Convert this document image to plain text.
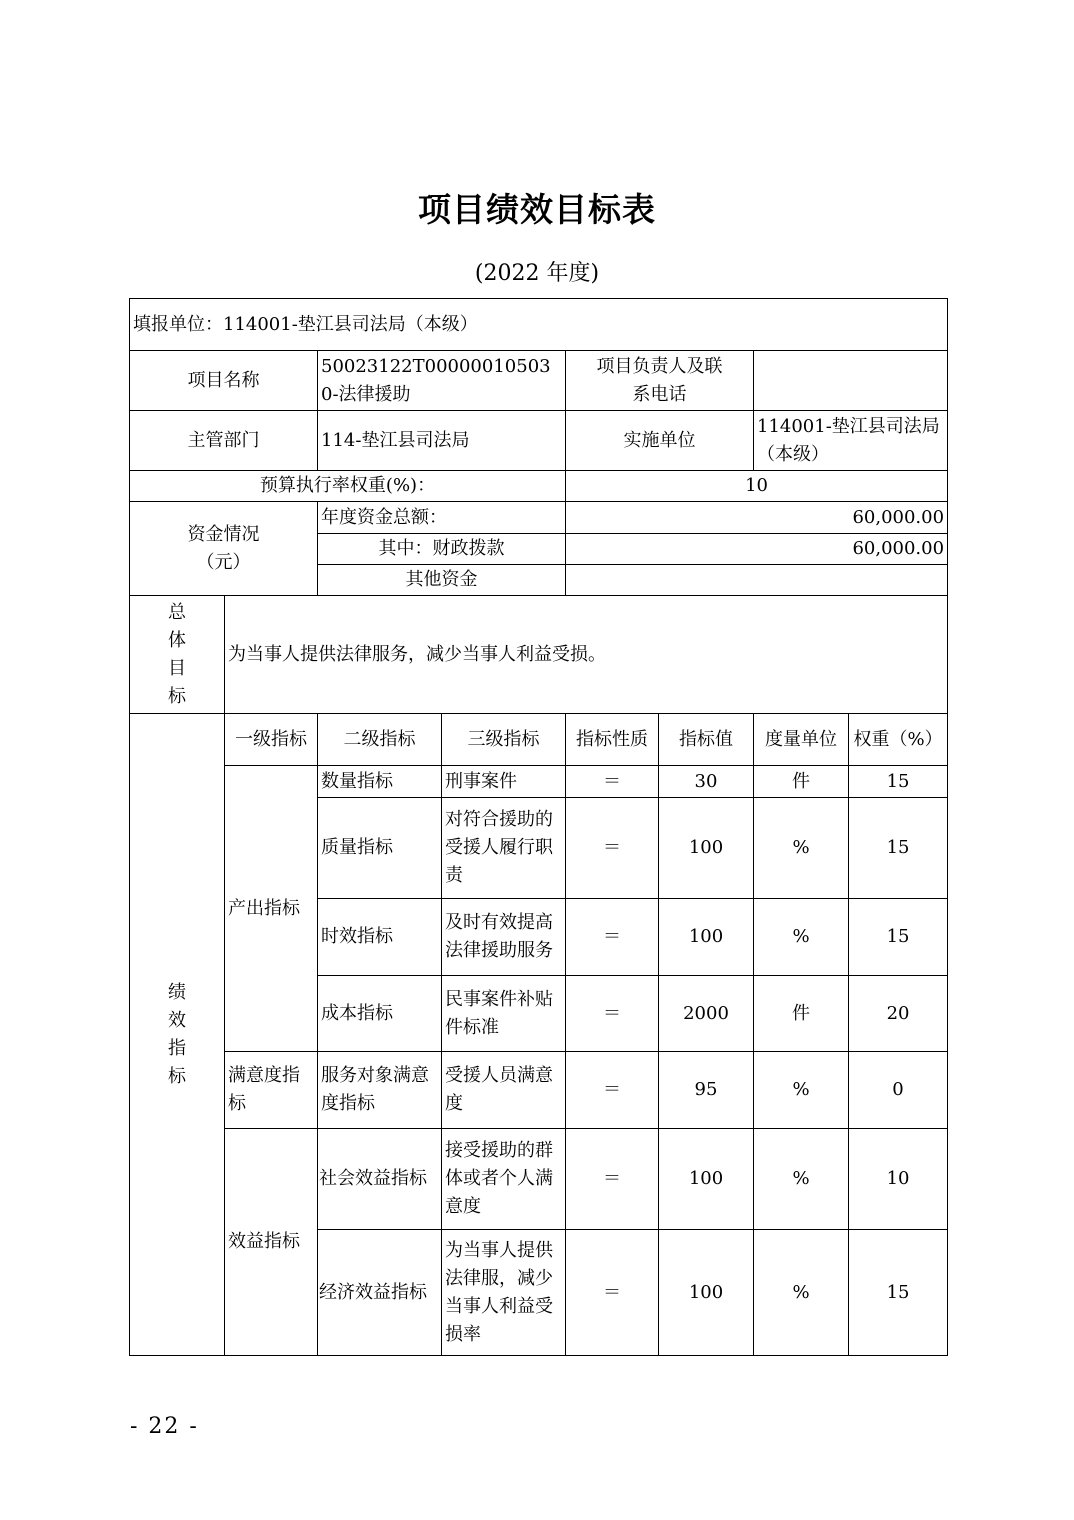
项目绩效目标表
(2022 年度)
填报单位：114001-垫江县司法局（本级）							
项目名称		50023122T000000105030-法律援助		项目负责人及联系电话			

主管部门		114-垫江县司法局		实施单位		114001-垫江县司法局（本级）	
预算执行率权重(%)：				10			

资金情况（元）		年度资金总额：		60,000.00			
		其中：财政拨款		60,000.00			
		其他资金					

总体目标	为当事人提供法律服务，减少当事人利益受损。						

绩效指标	一级指标	二级指标	三级指标	指标性质	指标值	度量单位	权重（%）
	产出指标	数量指标	刑事案件	＝	30	件	15
		质量指标	对符合援助的受援人履行职责	＝	100	%	15
		时效指标	及时有效提高法律援助服务	＝	100	%	15
		成本指标	民事案件补贴件标准	＝	2000	件	20
	满意度指标	服务对象满意度指标	受援人员满意度	＝	95	%	0
	效益指标	社会效益指标	接受援助的群体或者个人满意度	＝	100	%	10
		经济效益指标	为当事人提供法律服，减少当事人利益受损率	＝	100	%	15
- 22 -
